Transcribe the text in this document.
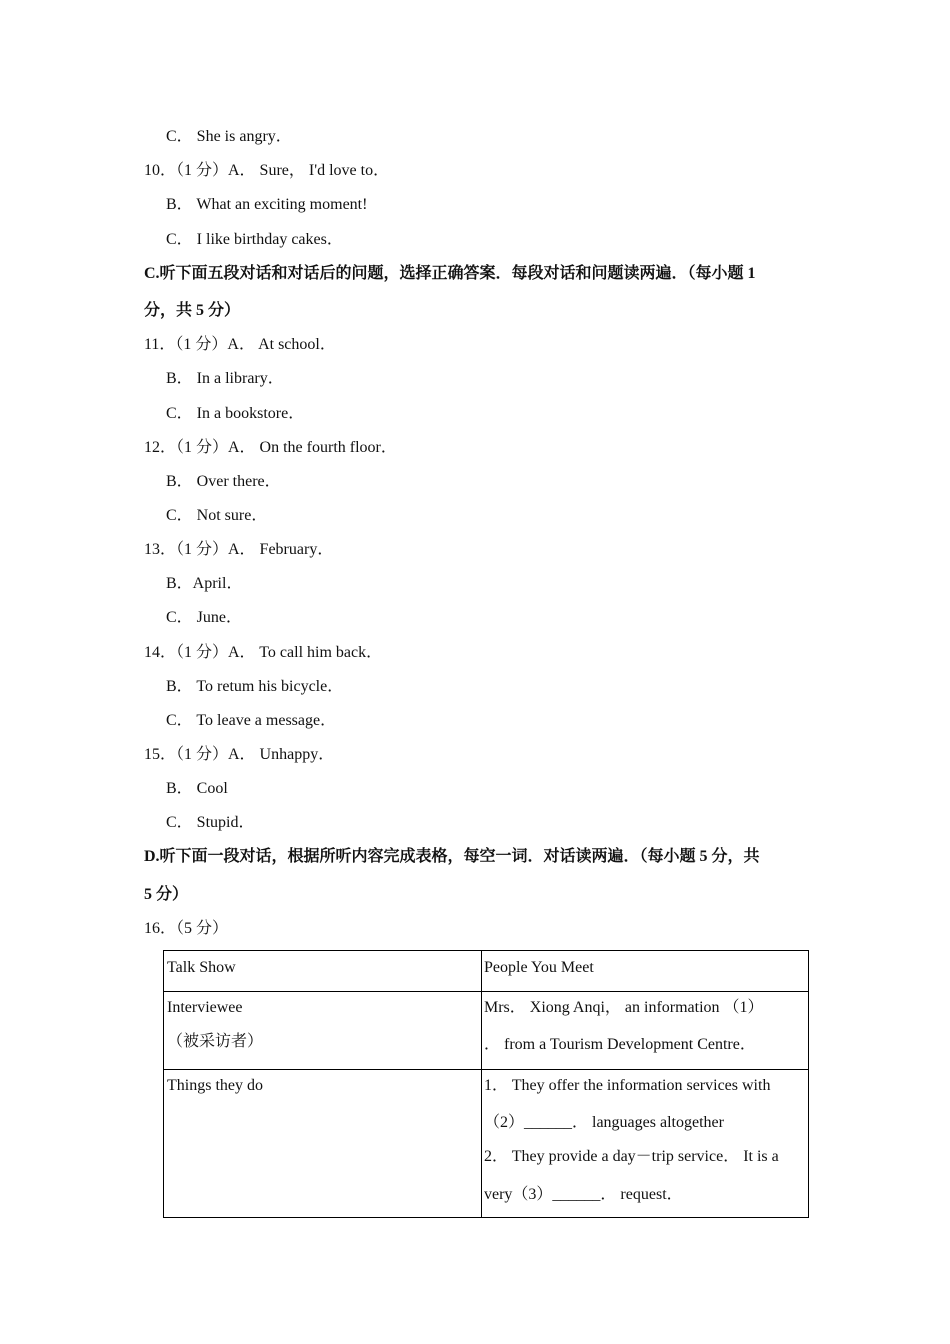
C． She is angry．
10．（1 分）A． Sure， I'd love to．
B． What an exciting moment!
C． I like birthday cakes．
C.听下面五段对话和对话后的问题，选择正确答案．每段对话和问题读两遍．（每小题 1
分，共 5 分）
11．（1 分）A． At school．
B． In a library．
C． In a bookstore．
12．（1 分）A． On the fourth floor．
B． Over there．
C． Not sure．
13．（1 分）A． February．
B．April．
C． June．
14．（1 分）A． To call him back．
B． To retum his bicycle．
C． To leave a message．
15．（1 分）A． Unhappy．
B． Cool
C． Stupid．
D.听下面一段对话，根据所听内容完成表格，每空一词．对话读两遍．（每小题 5 分，共
5 分）
16．（5 分）
Talk Show	People You Meet
Interviewee
（被采访者）
Mrs． Xiong Anqi， an information （1）
． from a Tourism Development Centre．
Things they do	1． They offer the information services with
（2）______． languages altogether
2． They provide a day－trip service． It is a
very（3）______． request．
